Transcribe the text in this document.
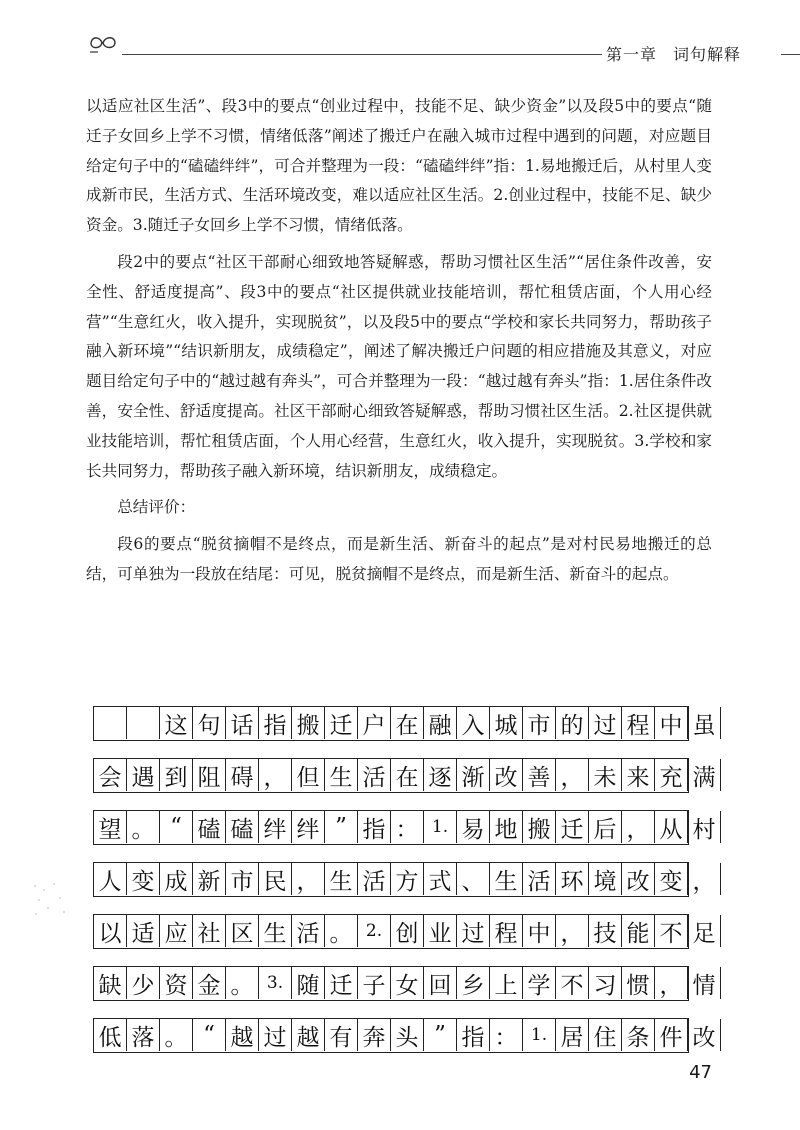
第一章 词句解释

以适应社区生活”、段3中的要点“创业过程中，技能不足、缺少资金”以及段5中的要点“随迁子女回乡上学不习惯，情绪低落”阐述了搬迁户在融入城市过程中遇到的问题，对应题目给定句子中的“磕磕绊绊”，可合并整理为一段：“磕磕绊绊”指：1.易地搬迁后，从村里人变成新市民，生活方式、生活环境改变，难以适应社区生活。2.创业过程中，技能不足、缺少资金。3.随迁子女回乡上学不习惯，情绪低落。

段2中的要点“社区干部耐心细致地答疑解惑，帮助习惯社区生活”“居住条件改善，安全性、舒适度提高”、段3中的要点“社区提供就业技能培训，帮忙租赁店面，个人用心经营”“生意红火，收入提升，实现脱贫”，以及段5中的要点“学校和家长共同努力，帮助孩子融入新环境”“结识新朋友，成绩稳定”，阐述了解决搬迁户问题的相应措施及其意义，对应题目给定句子中的“越过越有奔头”，可合并整理为一段：“越过越有奔头”指：1.居住条件改善，安全性、舒适度提高。社区干部耐心细致答疑解惑，帮助习惯社区生活。2.社区提供就业技能培训，帮忙租赁店面，个人用心经营，生意红火，收入提升，实现脱贫。3.学校和家长共同努力，帮助孩子融入新环境，结识新朋友，成绩稳定。

总结评价：

段6的要点“脱贫摘帽不是终点，而是新生活、新奋斗的起点”是对村民易地搬迁的总结，可单独为一段放在结尾：可见，脱贫摘帽不是终点，而是新生活、新奋斗的起点。

这 句 话 指 搬 迁 户 在 融 入 城 市 的 过 程 中 虽
会 遇 到 阻 碍 ， 但 生 活 在 逐 渐 改 善 ， 未 来 充 满
望 。 “ 磕 磕 绊 绊 ” 指 ： 1. 易 地 搬 迁 后 ， 从 村
人 变 成 新 市 民 ， 生 活 方 式 、 生 活 环 境 改 变 ，
以 适 应 社 区 生 活 。 2. 创 业 过 程 中 ， 技 能 不 足
缺 少 资 金 。 3. 随 迁 子 女 回 乡 上 学 不 习 惯 ， 情
低 落 。 “ 越 过 越 有 奔 头 ” 指 ： 1. 居 住 条 件 改
47
